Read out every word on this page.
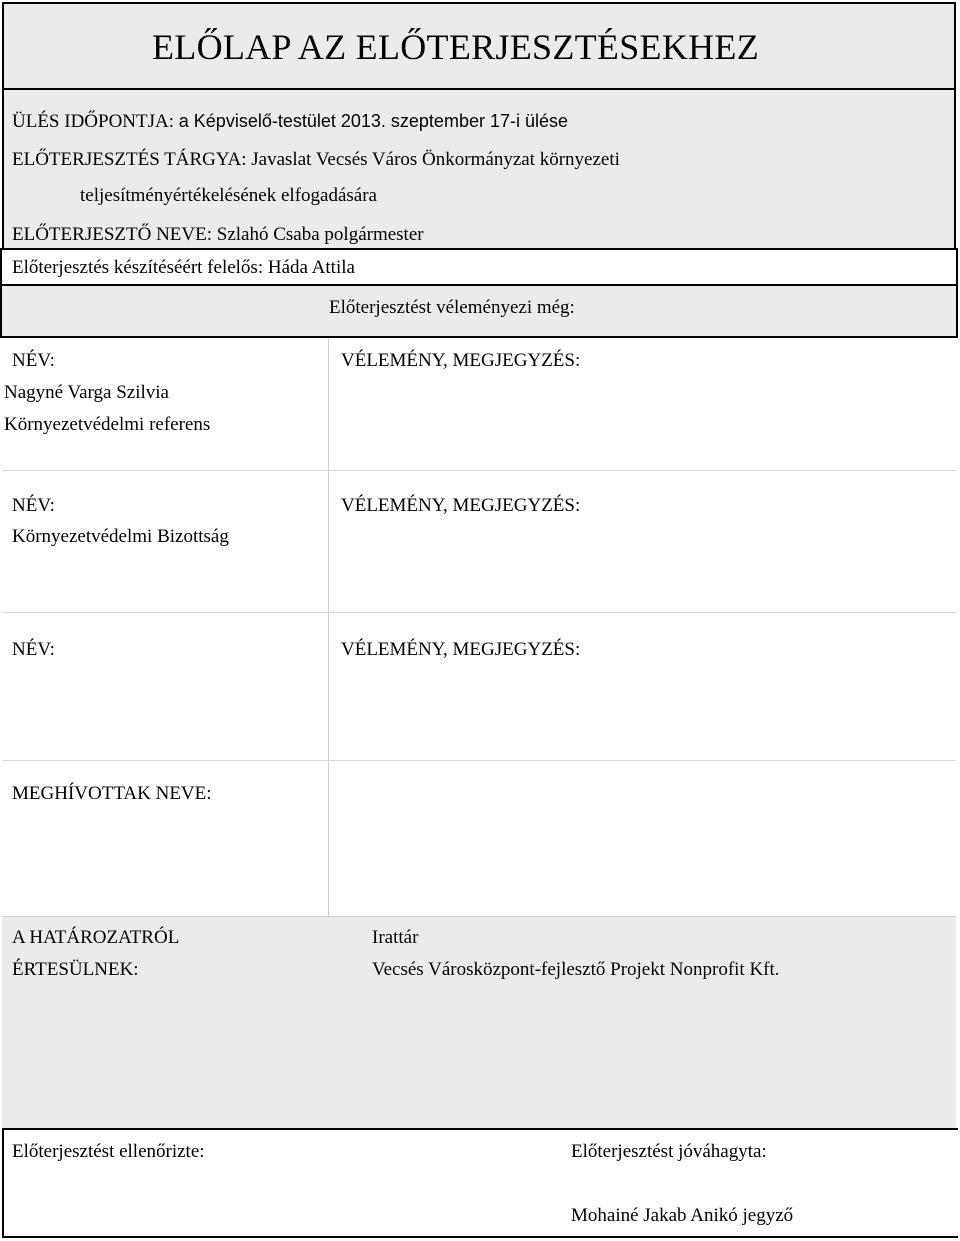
ELŐLAP AZ ELŐTERJESZTÉSEKHEZ
ÜLÉS IDŐPONTJA: a Képviselő-testület 2013. szeptember 17-i ülése
ELŐTERJESZTÉS TÁRGYA: Javaslat Vecsés Város Önkormányzat környezeti
teljesítményértékelésének elfogadására
ELŐTERJESZTŐ NEVE: Szlahó Csaba polgármester
Előterjesztés készítéséért felelős: Háda Attila
Előterjesztést véleményezi még:
NÉV:
Nagyné Varga Szilvia
Környezetvédelmi referens
VÉLEMÉNY, MEGJEGYZÉS:
NÉV:
Környezetvédelmi Bizottság
VÉLEMÉNY, MEGJEGYZÉS:
NÉV:	VÉLEMÉNY, MEGJEGYZÉS:
MEGHÍVOTTAK NEVE:
A HATÁROZATRÓL
ÉRTESÜLNEK:
Irattár
Vecsés Városközpont-fejlesztő Projekt Nonprofit Kft.
Előterjesztést ellenőrizte:	Előterjesztést jóváhagyta:
Mohainé Jakab Anikó jegyző
